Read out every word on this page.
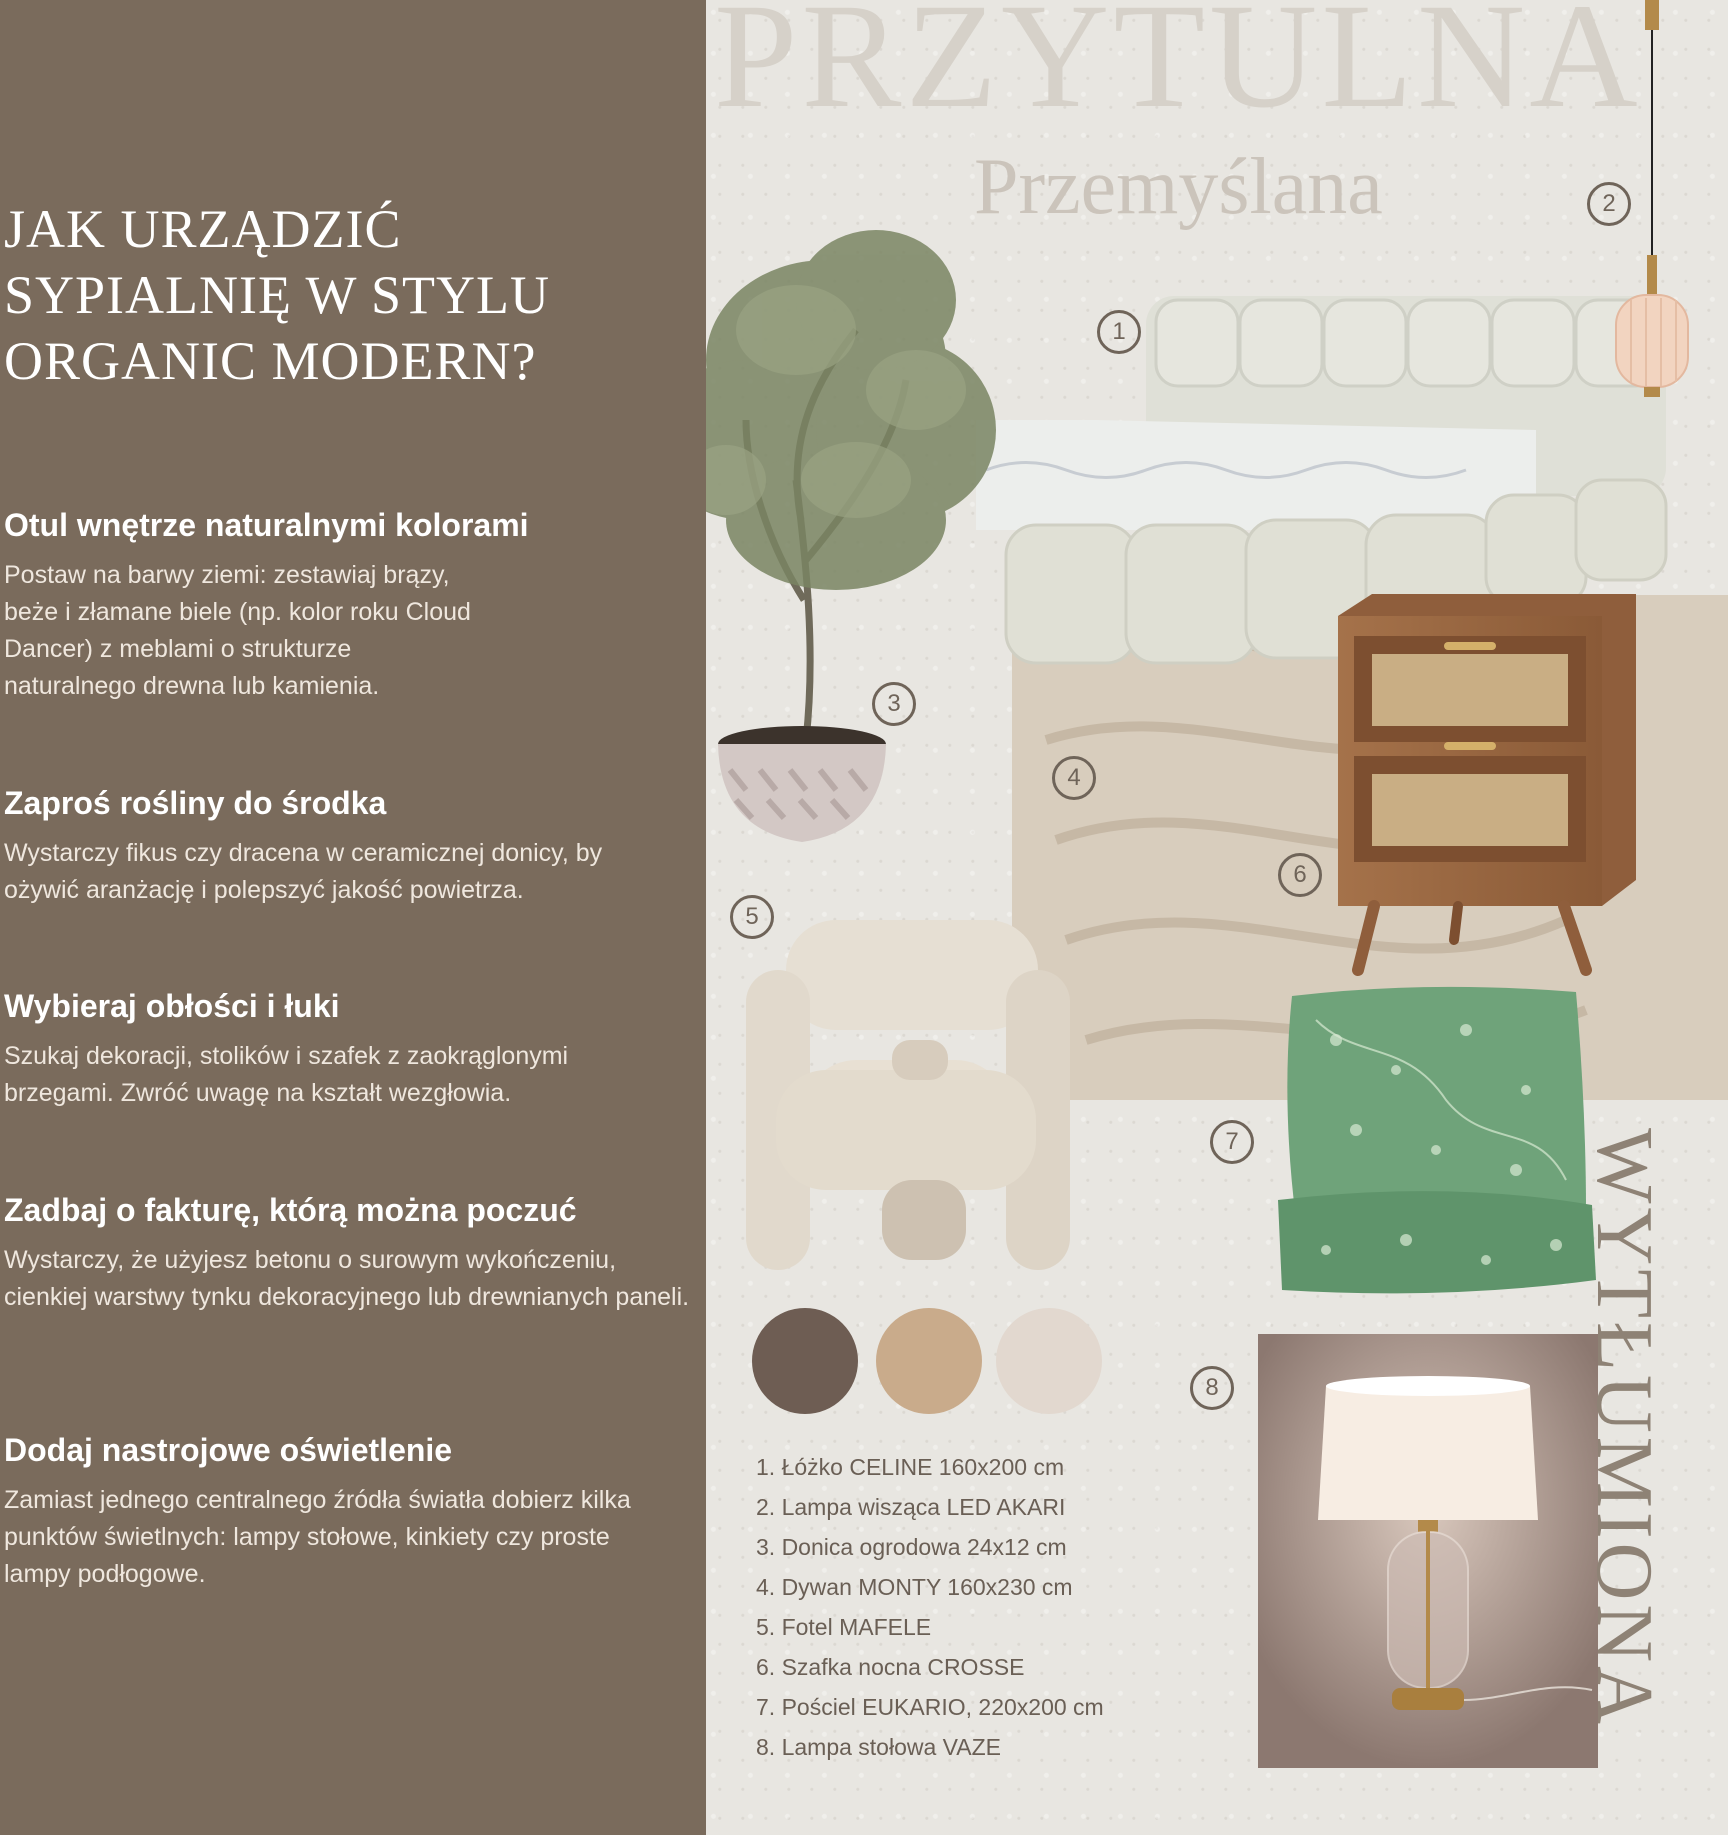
JAK URZĄDZIĆ
SYPIALNIĘ W STYLU
ORGANIC MODERN?
Otul wnętrze naturalnymi kolorami

Postaw na barwy ziemi: zestawiaj brązy, beże i złamane biele (np. kolor roku Cloud Dancer) z meblami o strukturze naturalnego drewna lub kamienia.

Zaproś rośliny do środka

Wystarczy fikus czy dracena w ceramicznej donicy, by ożywić aranżację i polepszyć jakość powietrza.

Wybieraj obłości i łuki

Szukaj dekoracji, stolików i szafek z zaokrąglonymi brzegami. Zwróć uwagę na kształt wezgłowia.

Zadbaj o fakturę, którą można poczuć

Wystarczy, że użyjesz betonu o surowym wykończeniu, cienkiej warstwy tynku dekoracyjnego lub drewnianych paneli.

Dodaj nastrojowe oświetlenie

Zamiast jednego centralnego źródła światła dobierz kilka punktów świetlnych: lampy stołowe, kinkiety czy proste lampy podłogowe.

PRZYTULNA

Przemyślana

1
2
3
4
5
6
7
8
1. Łóżko CELINE 160x200 cm
2. Lampa wisząca LED AKARI
3. Donica ogrodowa 24x12 cm
4. Dywan MONTY 160x230 cm
5. Fotel MAFELE
6. Szafka nocna CROSSE
7. Pościel EUKARIO, 220x200 cm
8. Lampa stołowa VAZE

WYTŁUMIONA
